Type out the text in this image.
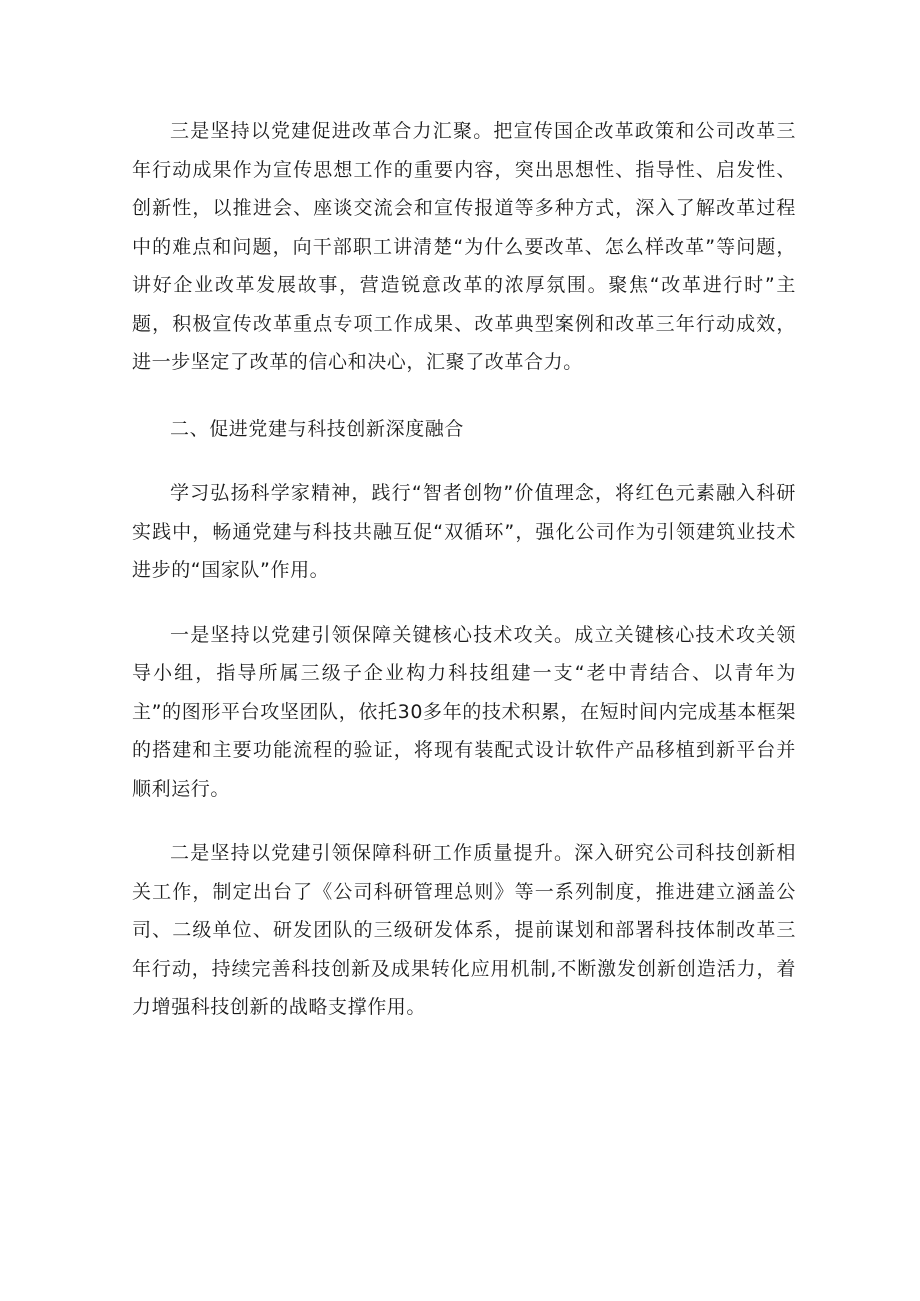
三是坚持以党建促进改革合力汇聚。把宣传国企改革政策和公司改革三年行动成果作为宣传思想工作的重要内容，突出思想性、指导性、启发性、创新性，以推进会、座谈交流会和宣传报道等多种方式，深入了解改革过程中的难点和问题，向干部职工讲清楚“为什么要改革、怎么样改革”等问题，讲好企业改革发展故事，营造锐意改革的浓厚氛围。聚焦“改革进行时”主题，积极宣传改革重点专项工作成果、改革典型案例和改革三年行动成效，进一步坚定了改革的信心和决心，汇聚了改革合力。

二、促进党建与科技创新深度融合

学习弘扬科学家精神，践行“智者创物”价值理念，将红色元素融入科研实践中，畅通党建与科技共融互促“双循环”，强化公司作为引领建筑业技术进步的“国家队”作用。

一是坚持以党建引领保障关键核心技术攻关。成立关键核心技术攻关领导小组，指导所属三级子企业构力科技组建一支“老中青结合、以青年为主”的图形平台攻坚团队，依托30多年的技术积累，在短时间内完成基本框架的搭建和主要功能流程的验证，将现有装配式设计软件产品移植到新平台并顺利运行。

二是坚持以党建引领保障科研工作质量提升。深入研究公司科技创新相关工作，制定出台了《公司科研管理总则》等一系列制度，推进建立涵盖公司、二级单位、研发团队的三级研发体系，提前谋划和部署科技体制改革三年行动，持续完善科技创新及成果转化应用机制,不断激发创新创造活力，着力增强科技创新的战略支撑作用。
